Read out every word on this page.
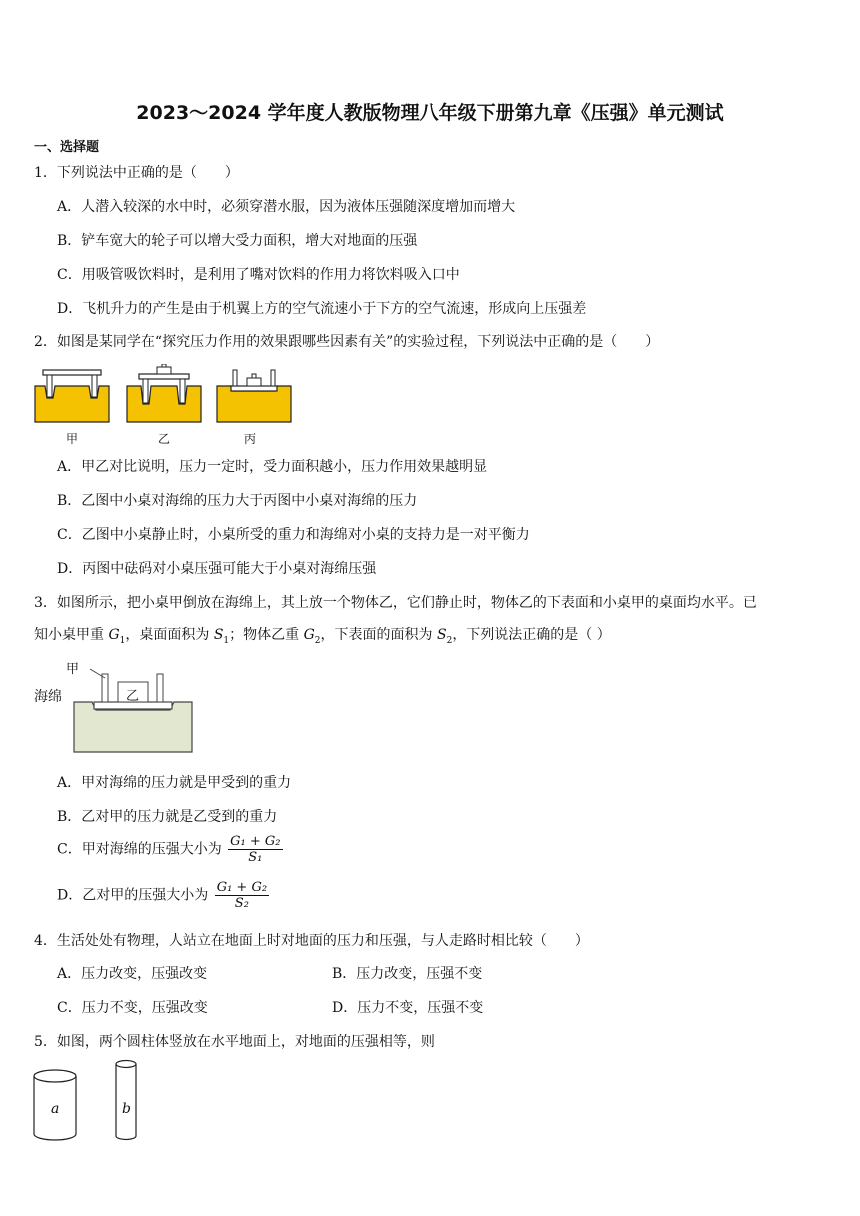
2023～2024 学年度人教版物理八年级下册第九章《压强》单元测试
一、选择题
1．下列说法中正确的是（　　）
A．人潜入较深的水中时，必须穿潜水服，因为液体压强随深度增加而增大
B．铲车宽大的轮子可以增大受力面积，增大对地面的压强
C．用吸管吸饮料时，是利用了嘴对饮料的作用力将饮料吸入口中
D．飞机升力的产生是由于机翼上方的空气流速小于下方的空气流速，形成向上压强差
2．如图是某同学在“探究压力作用的效果跟哪些因素有关”的实验过程，下列说法中正确的是（　　）
甲	乙	丙
A．甲乙对比说明，压力一定时，受力面积越小，压力作用效果越明显
B．乙图中小桌对海绵的压力大于丙图中小桌对海绵的压力
C．乙图中小桌静止时，小桌所受的重力和海绵对小桌的支持力是一对平衡力
D．丙图中砝码对小桌压强可能大于小桌对海绵压强
3．如图所示，把小桌甲倒放在海绵上，其上放一个物体乙，它们静止时，物体乙的下表面和小桌甲的桌面均水平。已
知小桌甲重 $G_1$，桌面面积为 $S_1$；物体乙重 $G_2$，下表面的面积为 $S_2$，下列说法正确的是（ ）
甲
乙
海绵
A．甲对海绵的压力就是甲受到的重力
B．乙对甲的压力就是乙受到的重力
C．甲对海绵的压强大小为 $\frac{\text{G₁ + G₂}}{\text{S₁}}$
D．乙对甲的压强大小为 $\frac{\text{G₁ + G₂}}{\text{S₂}}$
4．生活处处有物理，人站立在地面上时对地面的压力和压强，与人走路时相比较（　　）
A．压力改变，压强改变	B．压力改变，压强不变
C．压力不变，压强改变	D．压力不变，压强不变
5．如图，两个圆柱体竖放在水平地面上，对地面的压强相等，则
a	b
